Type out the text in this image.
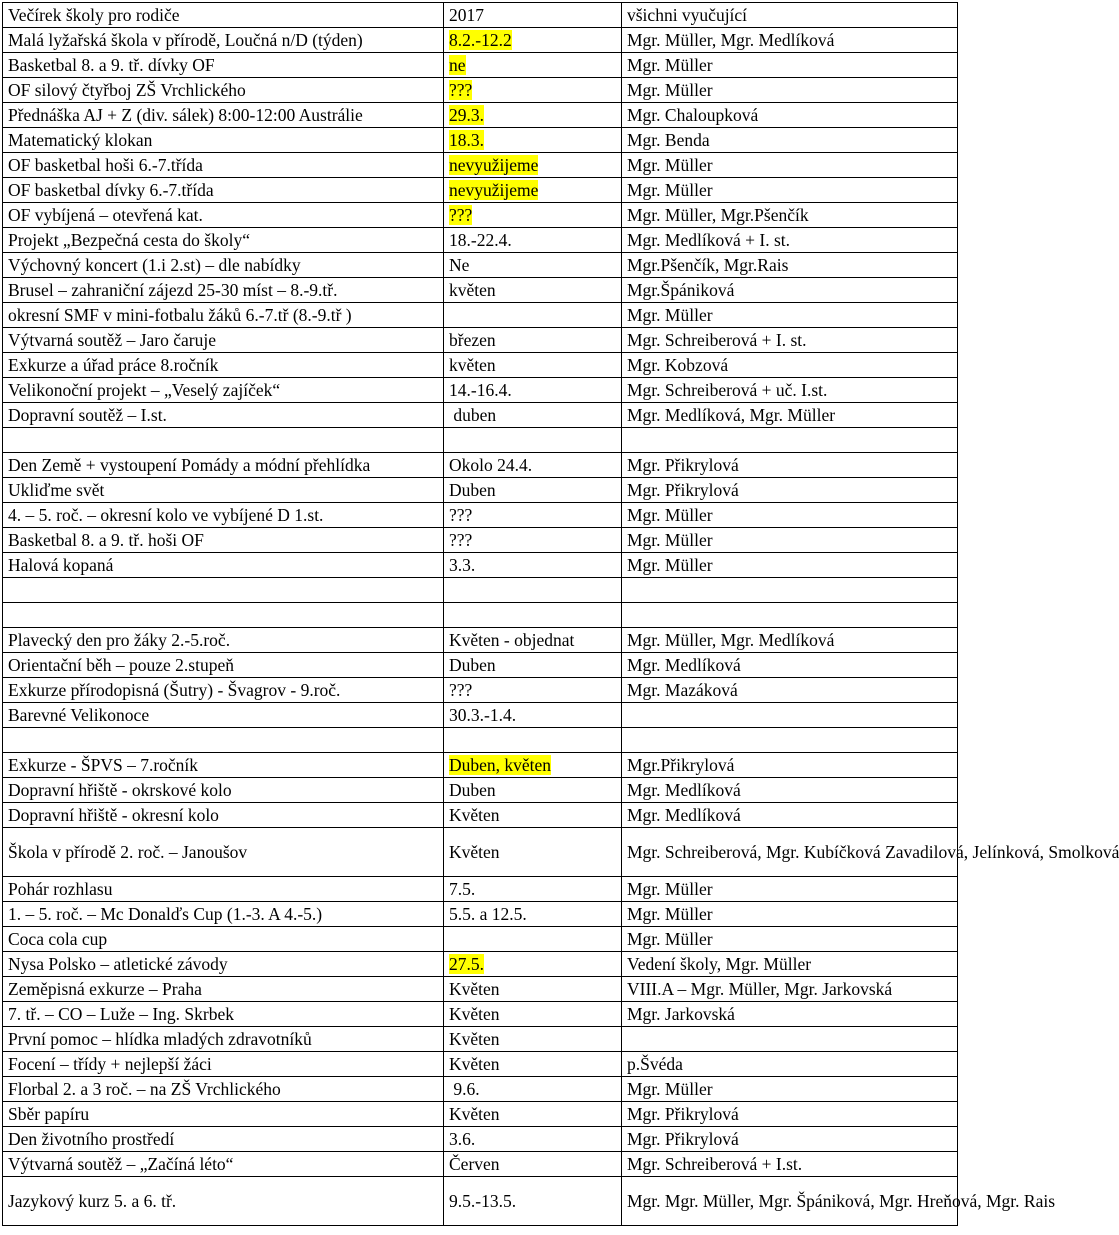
Večírek školy pro rodiče	2017	všichni vyučující
Malá lyžařská škola v přírodě, Loučná n/D (týden)	8.2.-12.2	Mgr. Müller, Mgr. Medlíková
Basketbal 8. a 9. tř. dívky OF	ne	Mgr. Müller
OF silový čtyřboj ZŠ Vrchlického	???	Mgr. Müller
Přednáška AJ + Z (div. sálek) 8:00-12:00 Austrálie	29.3.	Mgr. Chaloupková
Matematický klokan	18.3.	Mgr. Benda
OF basketbal hoši 6.-7.třída	nevyužijeme	Mgr. Müller
OF basketbal dívky 6.-7.třída	nevyužijeme	Mgr. Müller
OF vybíjená – otevřená kat.	???	Mgr. Müller, Mgr.Pšenčík
Projekt „Bezpečná cesta do školy“	18.-22.4.	Mgr. Medlíková + I. st.
Výchovný koncert (1.i 2.st) – dle nabídky	Ne	Mgr.Pšenčík, Mgr.Rais
Brusel – zahraniční zájezd 25-30 míst – 8.-9.tř.	květen	Mgr.Špániková
okresní SMF v mini-fotbalu žáků 6.-7.tř (8.-9.tř )		Mgr. Müller
Výtvarná soutěž – Jaro čaruje	březen	Mgr. Schreiberová + I. st.
Exkurze a úřad práce 8.ročník	květen	Mgr. Kobzová
Velikonoční projekt – „Veselý zajíček“	14.-16.4.	Mgr. Schreiberová + uč. I.st.
Dopravní soutěž – I.st.	duben	Mgr. Medlíková, Mgr. Müller

Den Země + vystoupení Pomády a módní přehlídka	Okolo 24.4.	Mgr. Přikrylová
Ukliďme svět	Duben	Mgr. Přikrylová
4. – 5. roč. – okresní kolo ve vybíjené D 1.st.	???	Mgr. Müller
Basketbal 8. a 9. tř. hoši OF	???	Mgr. Müller
Halová kopaná	3.3.	Mgr. Müller

Plavecký den pro žáky 2.-5.roč.	Květen - objednat	Mgr. Müller, Mgr. Medlíková
Orientační běh – pouze 2.stupeň	Duben	Mgr. Medlíková
Exkurze přírodopisná (Šutry) - Švagrov - 9.roč.	???	Mgr. Mazáková
Barevné Velikonoce	30.3.-1.4.	

Exkurze - ŠPVS – 7.ročník	Duben, květen	Mgr.Přikrylová
Dopravní hřiště - okrskové kolo	Duben	Mgr. Medlíková
Dopravní hřiště - okresní kolo	Květen	Mgr. Medlíková
Škola v přírodě 2. roč. – Janoušov	Květen	Mgr. Schreiberová, Mgr. Kubíčková Zavadilová, Jelínková, Smolková
Pohár rozhlasu	7.5.	Mgr. Müller
1. – 5. roč. – Mc Donalďs Cup (1.-3. A 4.-5.)	5.5. a 12.5.	Mgr. Müller
Coca cola cup		Mgr. Müller
Nysa Polsko – atletické závody	27.5.	Vedení školy, Mgr. Müller
Zeměpisná exkurze – Praha	Květen	VIII.A – Mgr. Müller, Mgr. Jarkovská
7. tř. – CO – Luže – Ing. Skrbek	Květen	Mgr. Jarkovská
První pomoc – hlídka mladých zdravotníků	Květen	
Focení – třídy + nejlepší žáci	Květen	p.Švéda
Florbal 2. a 3 roč. – na ZŠ Vrchlického	9.6.	Mgr. Müller
Sběr papíru	Květen	Mgr. Přikrylová
Den životního prostředí	3.6.	Mgr. Přikrylová
Výtvarná soutěž – „Začíná léto“	Červen	Mgr. Schreiberová + I.st.
Jazykový kurz 5. a 6. tř.	9.5.-13.5.	Mgr. Mgr. Müller, Mgr. Špániková, Mgr. Hreňová, Mgr. Rais
